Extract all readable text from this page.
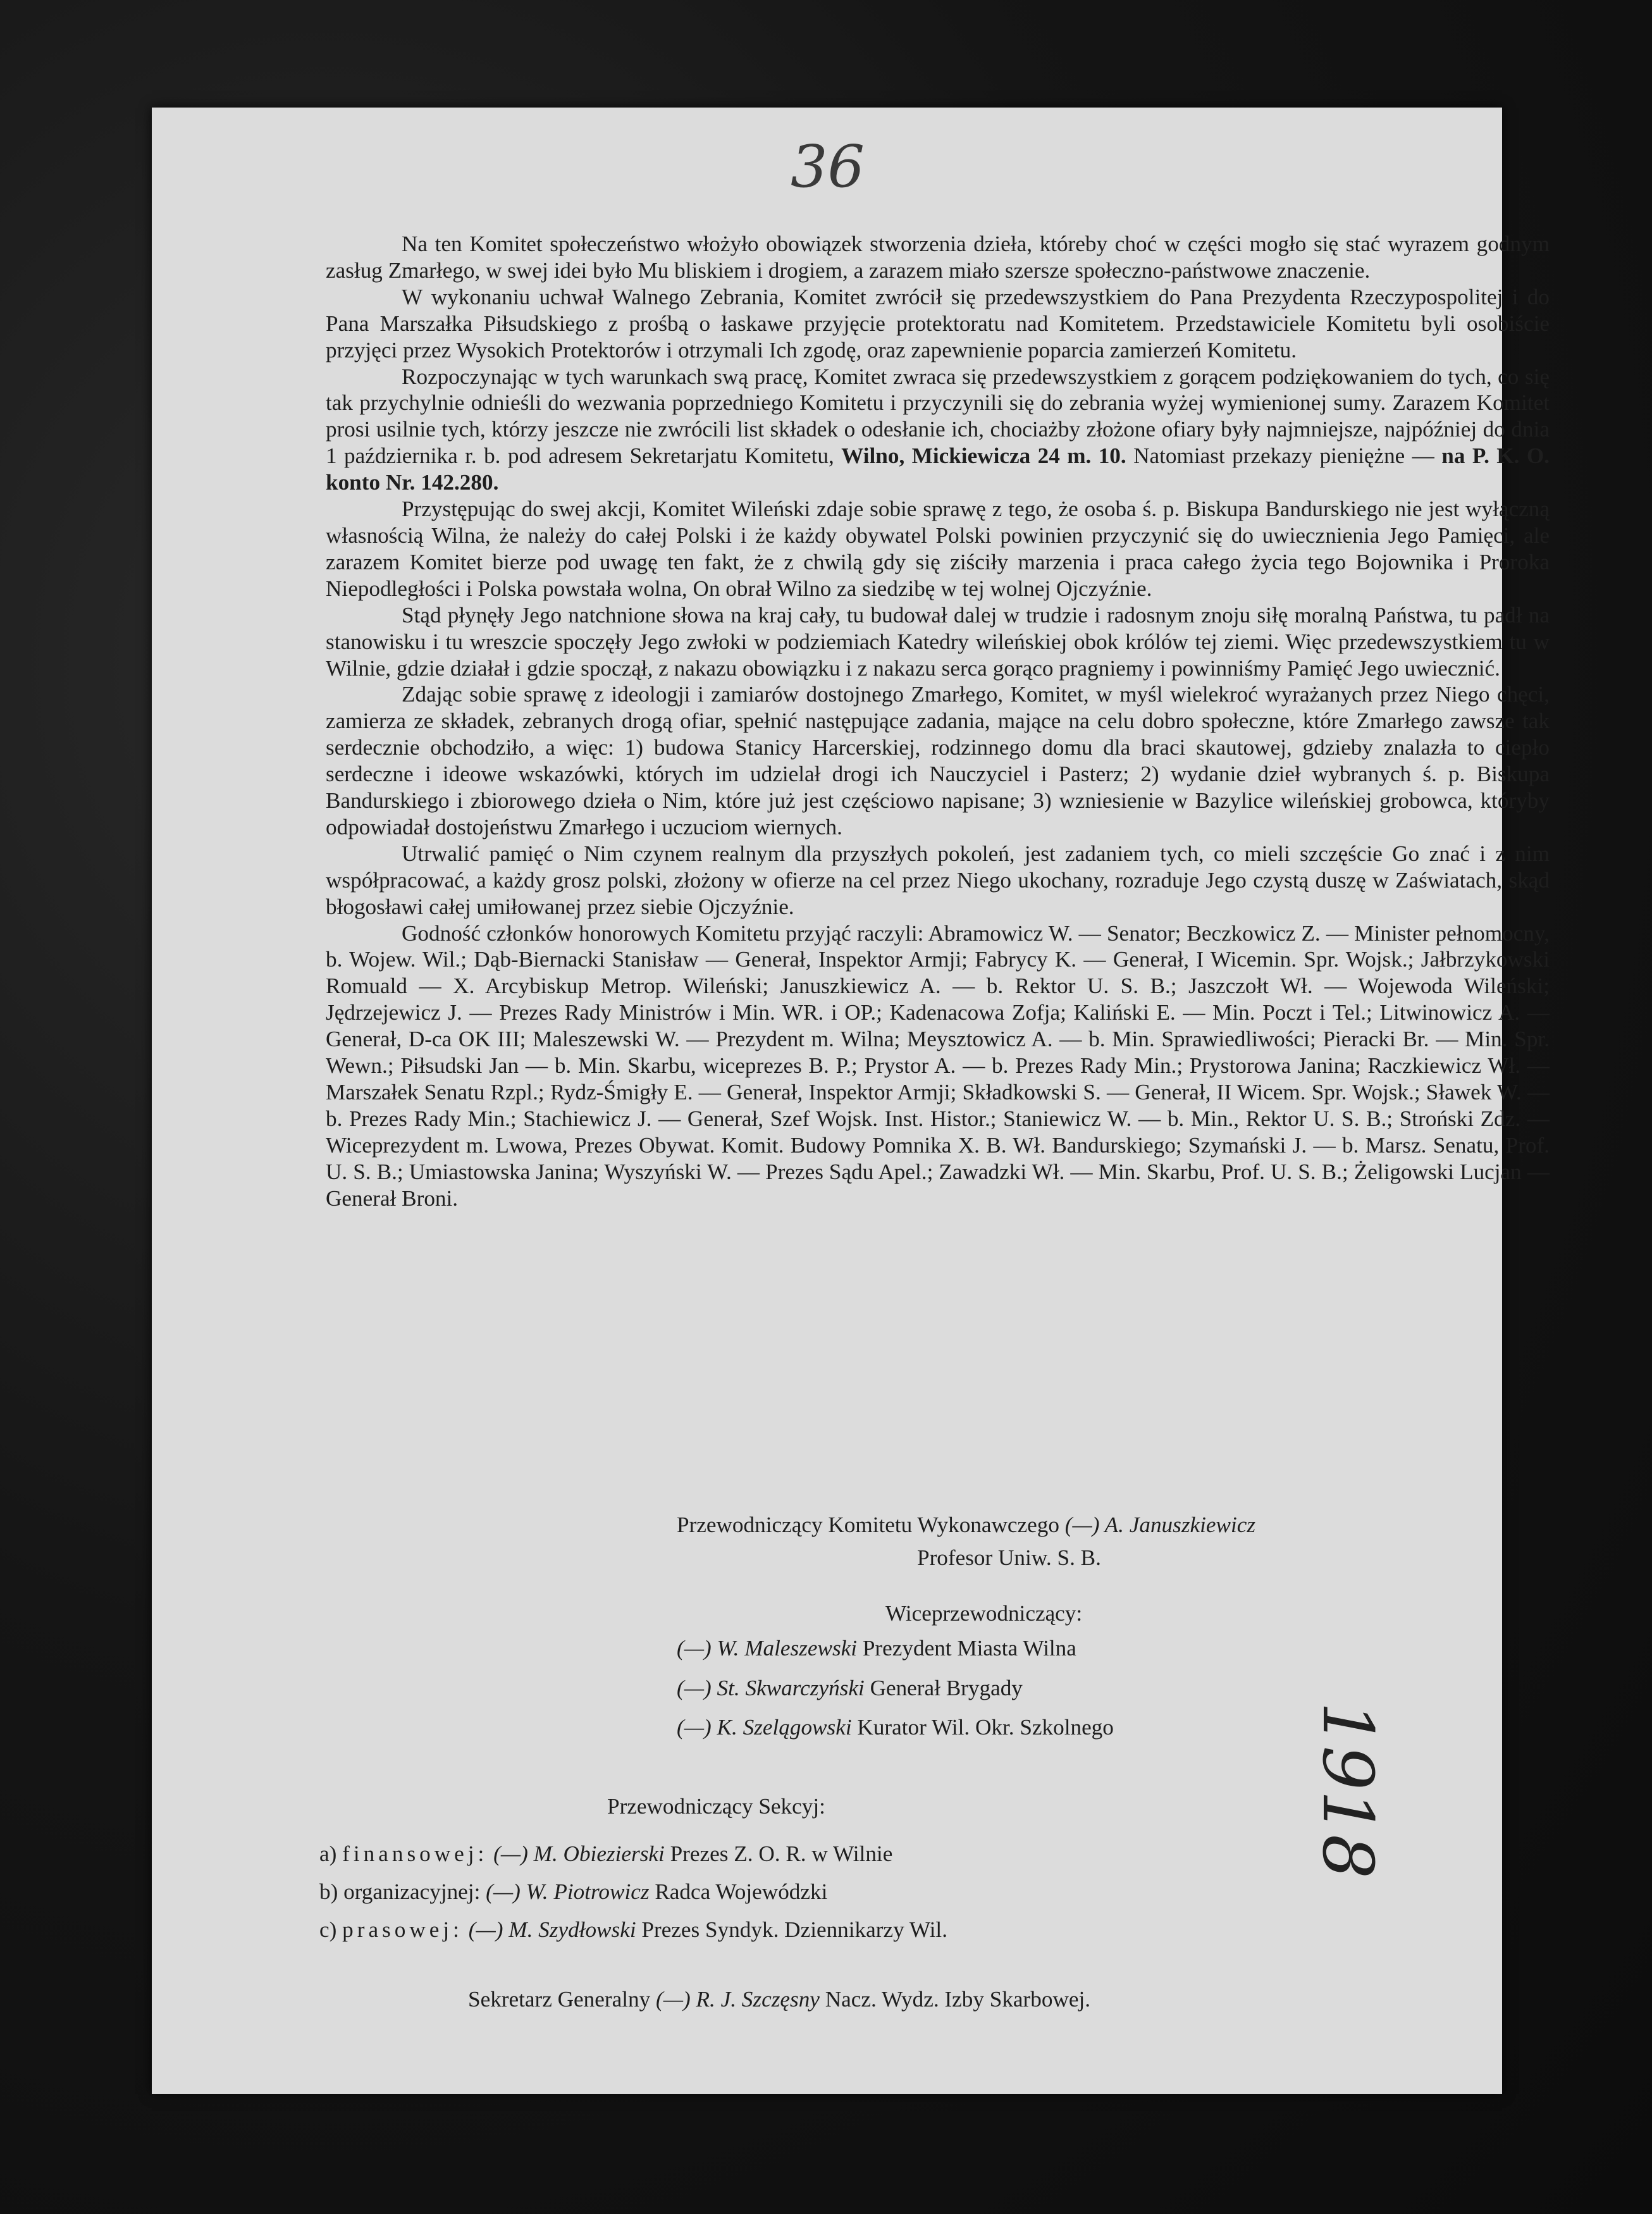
36

Na ten Komitet społeczeństwo włożyło obowiązek stworzenia dzieła, któreby choć w części mogło się stać wyrazem godnym zasług Zmarłego, w swej idei było Mu bliskiem i drogiem, a zarazem miało szersze społeczno-państwowe znaczenie.

W wykonaniu uchwał Walnego Zebrania, Komitet zwrócił się przedewszystkiem do Pana Prezydenta Rzeczypospolitej i do Pana Marszałka Piłsudskiego z prośbą o łaskawe przyjęcie protektoratu nad Komitetem. Przedstawiciele Komitetu byli osobiście przyjęci przez Wysokich Protektorów i otrzymali Ich zgodę, oraz zapewnienie poparcia zamierzeń Komitetu.

Rozpoczynając w tych warunkach swą pracę, Komitet zwraca się przedewszystkiem z gorącem podziękowaniem do tych, co się tak przychylnie odnieśli do wezwania poprzedniego Komitetu i przyczynili się do zebrania wyżej wymienionej sumy. Zarazem Komitet prosi usilnie tych, którzy jeszcze nie zwrócili list składek o odesłanie ich, chociażby złożone ofiary były najmniejsze, najpóźniej do dnia 1 października r. b. pod adresem Sekretarjatu Komitetu, Wilno, Mickiewicza 24 m. 10. Natomiast przekazy pieniężne — na P. K. O. konto Nr. 142.280.

Przystępując do swej akcji, Komitet Wileński zdaje sobie sprawę z tego, że osoba ś. p. Biskupa Bandurskiego nie jest wyłączną własnością Wilna, że należy do całej Polski i że każdy obywatel Polski powinien przyczynić się do uwiecznienia Jego Pamięci, ale zarazem Komitet bierze pod uwagę ten fakt, że z chwilą gdy się ziściły marzenia i praca całego życia tego Bojownika i Proroka Niepodległości i Polska powstała wolna, On obrał Wilno za siedzibę w tej wolnej Ojczyźnie.

Stąd płynęły Jego natchnione słowa na kraj cały, tu budował dalej w trudzie i radosnym znoju siłę moralną Państwa, tu padł na stanowisku i tu wreszcie spoczęły Jego zwłoki w podziemiach Katedry wileńskiej obok królów tej ziemi. Więc przedewszystkiem tu w Wilnie, gdzie działał i gdzie spoczął, z nakazu obowiązku i z nakazu serca gorąco pragniemy i powinniśmy Pamięć Jego uwiecznić.

Zdając sobie sprawę z ideologji i zamiarów dostojnego Zmarłego, Komitet, w myśl wielekroć wyrażanych przez Niego chęci, zamierza ze składek, zebranych drogą ofiar, spełnić następujące zadania, mające na celu dobro społeczne, które Zmarłego zawsze tak serdecznie obchodziło, a więc: 1) budowa Stanicy Harcerskiej, rodzinnego domu dla braci skautowej, gdzieby znalazła to ciepło serdeczne i ideowe wskazówki, których im udzielał drogi ich Nauczyciel i Pasterz; 2) wydanie dzieł wybranych ś. p. Biskupa Bandurskiego i zbiorowego dzieła o Nim, które już jest częściowo napisane; 3) wzniesienie w Bazylice wileńskiej grobowca, któryby odpowiadał dostojeństwu Zmarłego i uczuciom wiernych.

Utrwalić pamięć o Nim czynem realnym dla przyszłych pokoleń, jest zadaniem tych, co mieli szczęście Go znać i z nim współpracować, a każdy grosz polski, złożony w ofierze na cel przez Niego ukochany, rozraduje Jego czystą duszę w Zaświatach, skąd błogosławi całej umiłowanej przez siebie Ojczyźnie.

Godność członków honorowych Komitetu przyjąć raczyli: Abramowicz W. — Senator; Beczkowicz Z. — Minister pełnomocny, b. Wojew. Wil.; Dąb-Biernacki Stanisław — Generał, Inspektor Armji; Fabrycy K. — Generał, I Wicemin. Spr. Wojsk.; Jałbrzykowski Romuald — X. Arcybiskup Metrop. Wileński; Januszkiewicz A. — b. Rektor U. S. B.; Jaszczołt Wł. — Wojewoda Wileński; Jędrzejewicz J. — Prezes Rady Ministrów i Min. WR. i OP.; Kadenacowa Zofja; Kaliński E. — Min. Poczt i Tel.; Litwinowicz A. — Generał, D-ca OK III; Maleszewski W. — Prezydent m. Wilna; Meysztowicz A. — b. Min. Sprawiedliwości; Pieracki Br. — Min. Spr. Wewn.; Piłsudski Jan — b. Min. Skarbu, wiceprezes B. P.; Prystor A. — b. Prezes Rady Min.; Prystorowa Janina; Raczkiewicz Wł. — Marszałek Senatu Rzpl.; Rydz-Śmigły E. — Generał, Inspektor Armji; Składkowski S. — Generał, II Wicem. Spr. Wojsk.; Sławek W. — b. Prezes Rady Min.; Stachiewicz J. — Generał, Szef Wojsk. Inst. Histor.; Staniewicz W. — b. Min., Rektor U. S. B.; Stroński Zdz. — Wiceprezydent m. Lwowa, Prezes Obywat. Komit. Budowy Pomnika X. B. Wł. Bandurskiego; Szymański J. — b. Marsz. Senatu, Prof. U. S. B.; Umiastowska Janina; Wyszyński W. — Prezes Sądu Apel.; Zawadzki Wł. — Min. Skarbu, Prof. U. S. B.; Żeligowski Lucjan — Generał Broni.

Przewodniczący Komitetu Wykonawczego (—) A. Januszkiewicz
Profesor Uniw. S. B.
Wiceprzewodniczący:
(—) W. Maleszewski Prezydent Miasta Wilna
(—) St. Skwarczyński Generał Brygady
(—) K. Szelągowski Kurator Wil. Okr. Szkolnego
Przewodniczący Sekcyj:
a) finansowej: (—) M. Obiezierski Prezes Z. O. R. w Wilnie
b) organizacyjnej: (—) W. Piotrowicz Radca Wojewódzki
c) prasowej: (—) M. Szydłowski Prezes Syndyk. Dziennikarzy Wil.
Sekretarz Generalny (—) R. J. Szczęsny Nacz. Wydz. Izby Skarbowej.
1918
